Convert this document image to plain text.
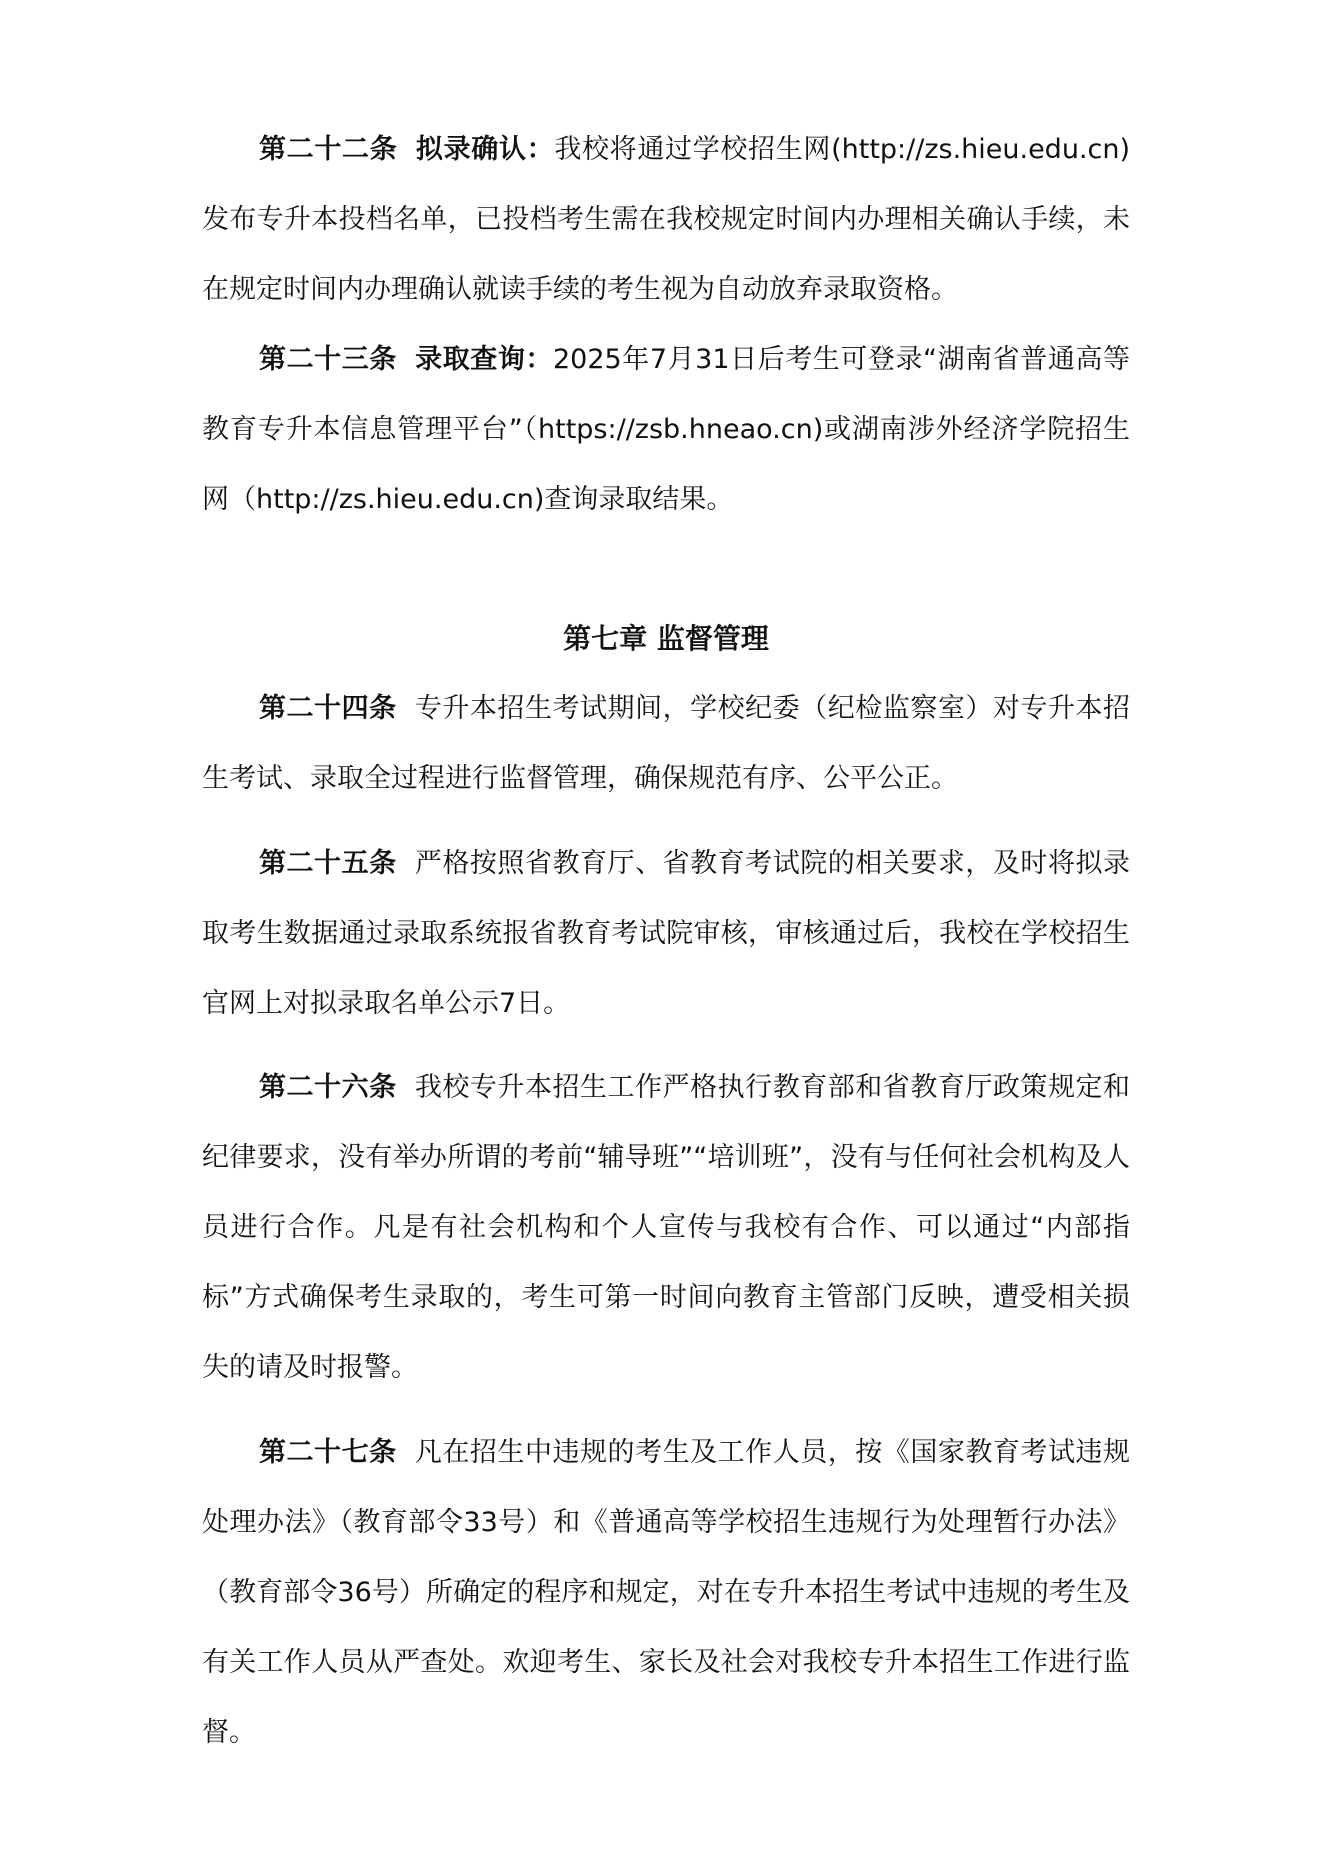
第二十二条 拟录确认：我校将通过学校招生网(http://zs.hieu.edu.cn)发布专升本投档名单，已投档考生需在我校规定时间内办理相关确认手续，未在规定时间内办理确认就读手续的考生视为自动放弃录取资格。

第二十三条 录取查询：2025年7月31日后考生可登录“湖南省普通高等教育专升本信息管理平台”（https://zsb.hneao.cn)或湖南涉外经济学院招生网（http://zs.hieu.edu.cn)查询录取结果。

第七章 监督管理

第二十四条 专升本招生考试期间，学校纪委（纪检监察室）对专升本招生考试、录取全过程进行监督管理，确保规范有序、公平公正。

第二十五条 严格按照省教育厅、省教育考试院的相关要求，及时将拟录取考生数据通过录取系统报省教育考试院审核，审核通过后，我校在学校招生官网上对拟录取名单公示7日。

第二十六条 我校专升本招生工作严格执行教育部和省教育厅政策规定和纪律要求，没有举办所谓的考前“辅导班”“培训班”，没有与任何社会机构及人员进行合作。凡是有社会机构和个人宣传与我校有合作、可以通过“内部指标”方式确保考生录取的，考生可第一时间向教育主管部门反映，遭受相关损失的请及时报警。

第二十七条 凡在招生中违规的考生及工作人员，按《国家教育考试违规处理办法》（教育部令33号）和《普通高等学校招生违规行为处理暂行办法》（教育部令36号）所确定的程序和规定，对在专升本招生考试中违规的考生及有关工作人员从严查处。欢迎考生、家长及社会对我校专升本招生工作进行监督。
